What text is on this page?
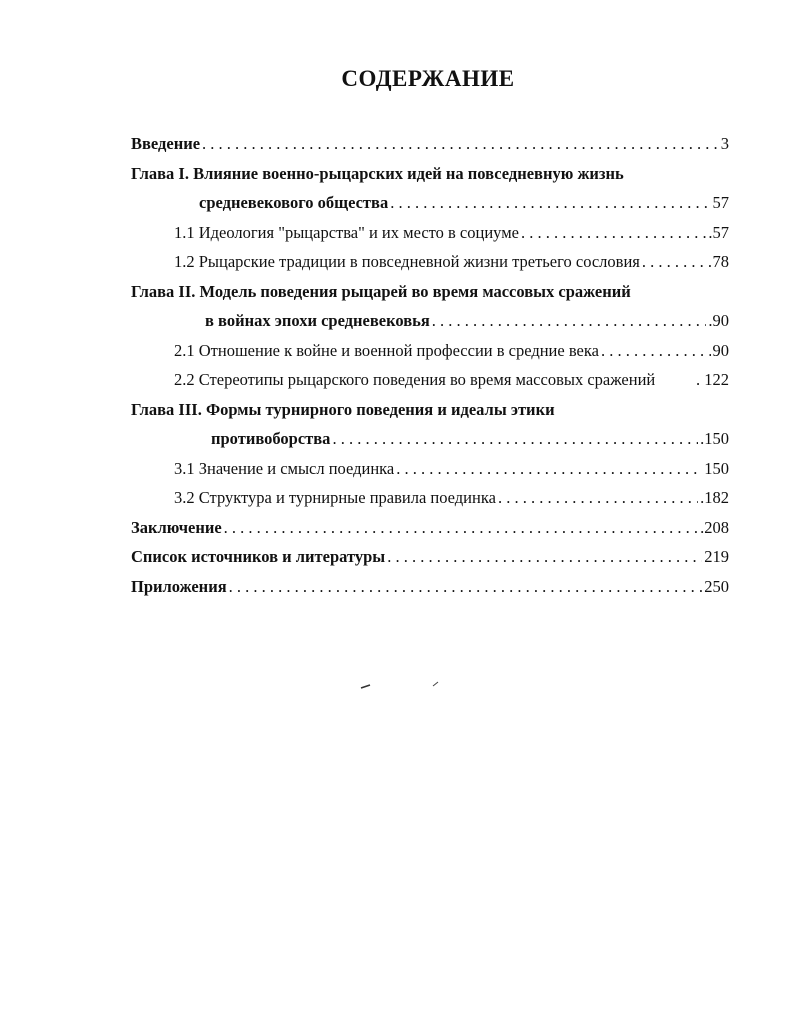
СОДЕРЖАНИЕ
Введение . . .	3
Глава I. Влияние военно-рыцарских идей на повседневную жизнь
средневекового общества . . .	57
1.1 Идеология "рыцарства" и их место в социуме . . .	.57
1.2 Рыцарские традиции в повседневной жизни третьего сословия . . .	78
Глава II. Модель поведения рыцарей во время массовых сражений
в войнах эпохи средневековья . . .	.90
2.1 Отношение к войне и военной профессии в средние века . . .	90
2.2 Стереотипы рыцарского поведения во время массовых сражений . 122
Глава III. Формы турнирного поведения и идеалы этики
противоборства . . .	.150
3.1 Значение и смысл поединка . . .	150
3.2 Структура и турнирные правила поединка . . .	.182
Заключение . . .	.208
Список источников и литературы . . .	219
Приложения . . .	250
